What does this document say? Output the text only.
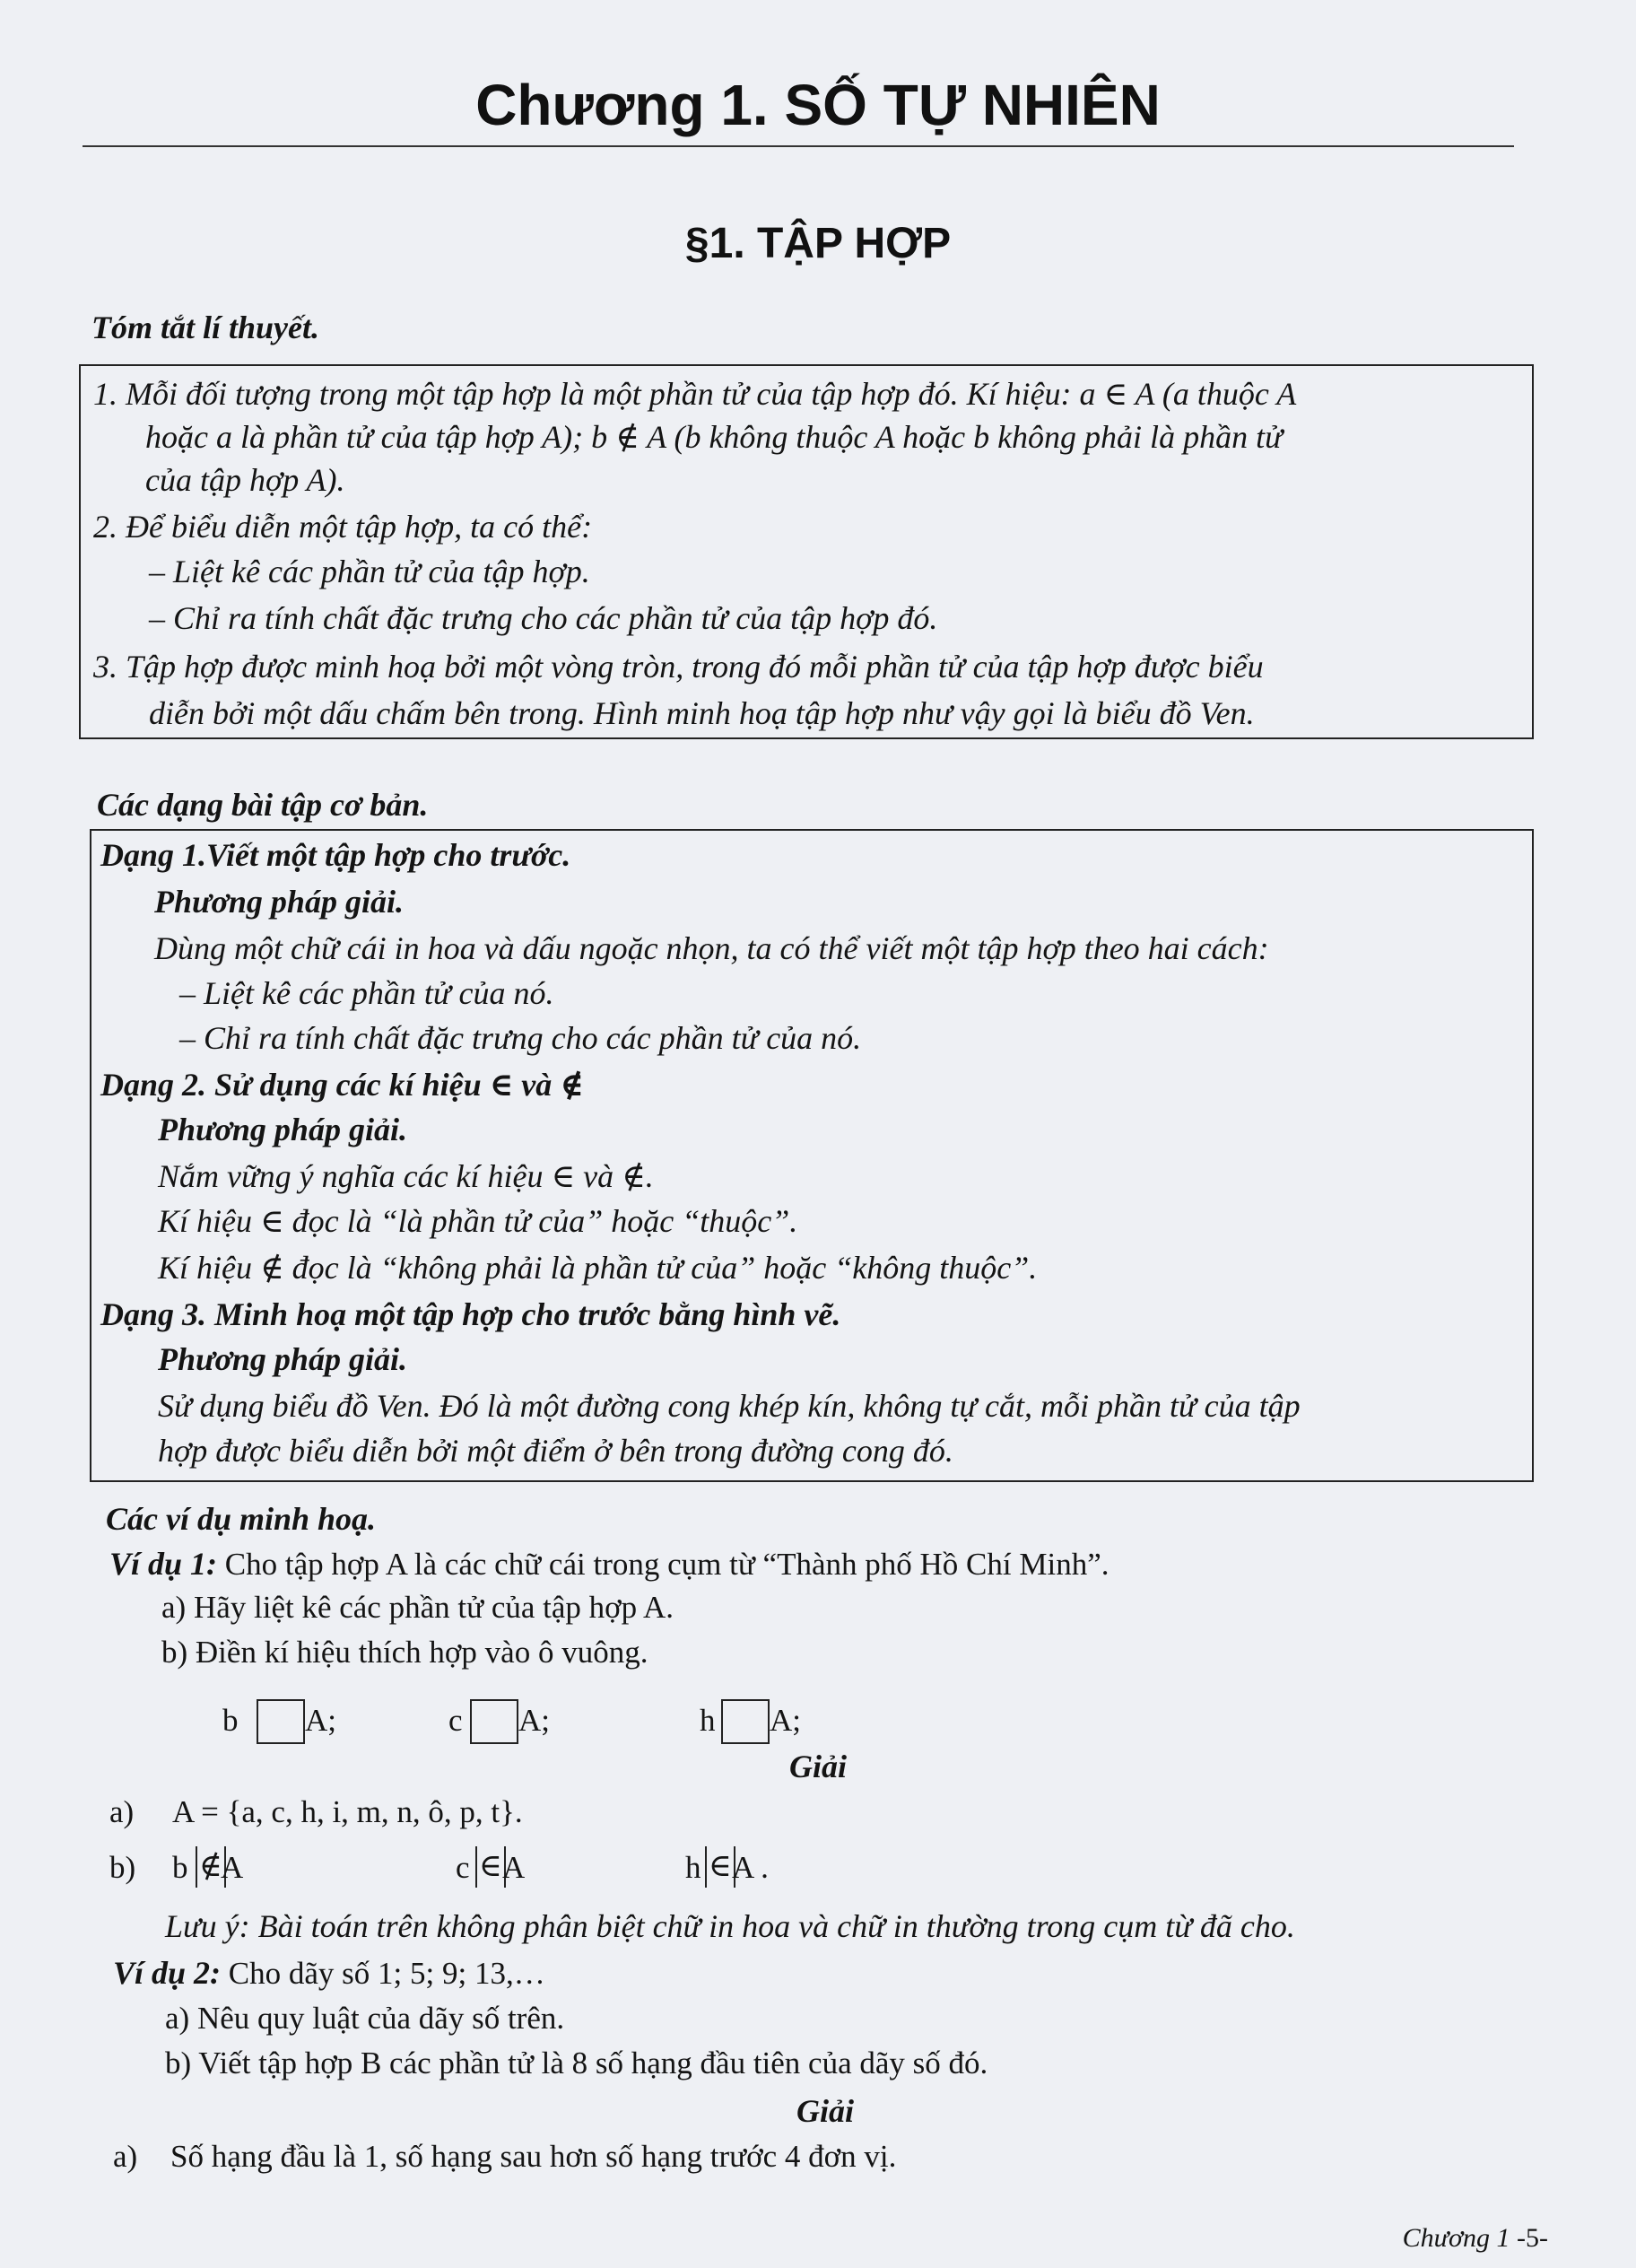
Chương 1. SỐ TỰ NHIÊN
§1. TẬP HỢP
Tóm tắt lí thuyết.
1. Mỗi đối tượng trong một tập hợp là một phần tử của tập hợp đó. Kí hiệu: a ∈ A (a thuộc A
hoặc a là phần tử của tập hợp A); b ∉ A (b không thuộc A hoặc b không phải là phần tử
của tập hợp A).
2. Để biểu diễn một tập hợp, ta có thể:
– Liệt kê các phần tử của tập hợp.
– Chỉ ra tính chất đặc trưng cho các phần tử của tập hợp đó.
3. Tập hợp được minh hoạ bởi một vòng tròn, trong đó mỗi phần tử của tập hợp được biểu
diễn bởi một dấu chấm bên trong. Hình minh hoạ tập hợp như vậy gọi là biểu đồ Ven.
Các dạng bài tập cơ bản.
Dạng 1.Viết một tập hợp cho trước.
Phương pháp giải.
Dùng một chữ cái in hoa và dấu ngoặc nhọn, ta có thể viết một tập hợp theo hai cách:
– Liệt kê các phần tử của nó.
– Chỉ ra tính chất đặc trưng cho các phần tử của nó.
Dạng 2. Sử dụng các kí hiệu ∈ và ∉
Phương pháp giải.
Nắm vững ý nghĩa các kí hiệu ∈ và ∉.
Kí hiệu ∈ đọc là “là phần tử của” hoặc “thuộc”.
Kí hiệu ∉ đọc là “không phải là phần tử của” hoặc “không thuộc”.
Dạng 3. Minh hoạ một tập hợp cho trước bằng hình vẽ.
Phương pháp giải.
Sử dụng biểu đồ Ven. Đó là một đường cong khép kín, không tự cắt, mỗi phần tử của tập
hợp được biểu diễn bởi một điểm ở bên trong đường cong đó.
Các ví dụ minh hoạ.
Ví dụ 1: Cho tập hợp A là các chữ cái trong cụm từ “Thành phố Hồ Chí Minh”.
a) Hãy liệt kê các phần tử của tập hợp A.
b) Điền kí hiệu thích hợp vào ô vuông.
b A;	c A;	h A;
Giải
a) A = {a, c, h, i, m, n, ô, p, t}.
b) b ∉
A	c ∈ A	h ∈ A .
Lưu ý: Bài toán trên không phân biệt chữ in hoa và chữ in thường trong cụm từ đã cho.
Ví dụ 2: Cho dãy số 1; 5; 9; 13,…
a) Nêu quy luật của dãy số trên.
b) Viết tập hợp B các phần tử là 8 số hạng đầu tiên của dãy số đó.
Giải
a) Số hạng đầu là 1, số hạng sau hơn số hạng trước 4 đơn vị.
Chương 1 -5-
